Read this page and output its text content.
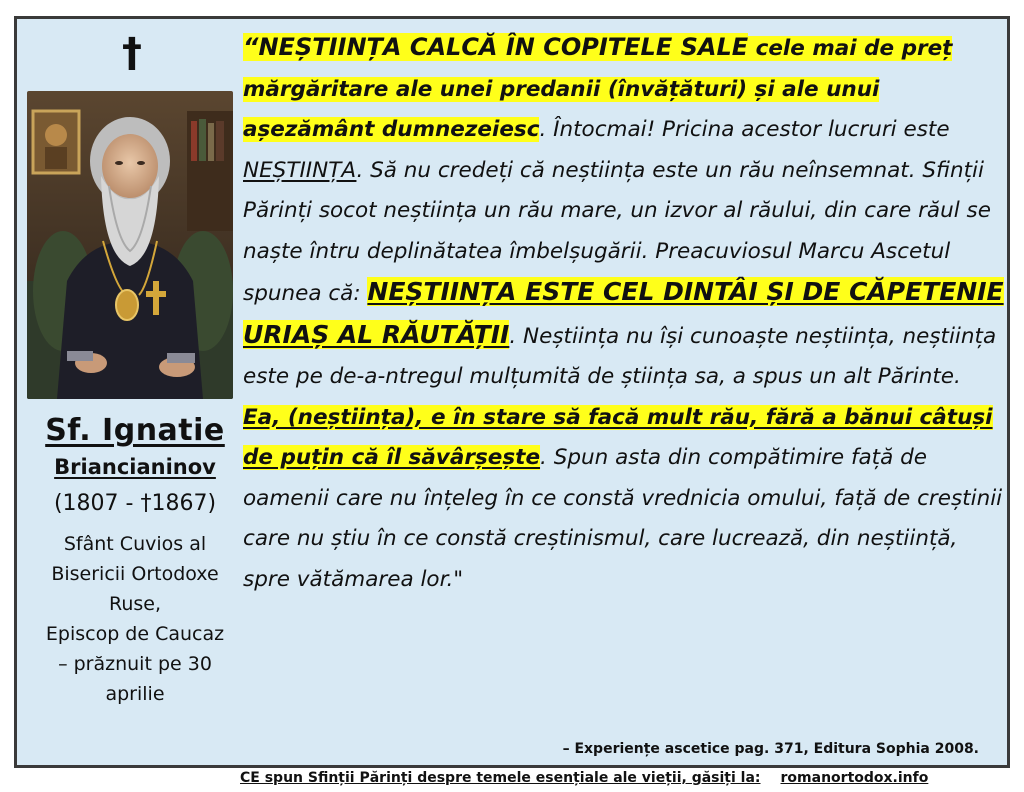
†
Sf. Ignatie
Briancianinov
(1807 - †1867)
Sfânt Cuvios al
Bisericii Ortodoxe
Ruse,
Episcop de Caucaz
– prăznuit pe 30
aprilie

“NEȘTIINȚA CALCĂ ÎN COPITELE SALE cele mai de preț mărgăritare ale unei predanii (învățături) și ale unui așezământ dumnezeiesc. Întocmai! Pricina acestor lucruri este NEȘTIINȚA. Să nu credeți că neștiința este un rău neînsemnat. Sfinții Părinți socot neștiința un rău mare, un izvor al răului, din care răul se naște întru deplinătatea îmbelșugării. Preacuviosul Marcu Ascetul spunea că: NEȘTIINȚA ESTE CEL DINTÂI ȘI DE CĂPETENIE URIAȘ AL RĂUTĂȚII. Neștiința nu își cunoaște neștiința, neștiința este pe de-a-ntregul mulțumită de știința sa, a spus un alt Părinte. Ea, (neștiința), e în stare să facă mult rău, fără a bănui câtuși de puțin că îl săvârșește. Spun asta din compătimire față de oamenii care nu înțeleg în ce constă vrednicia omului, față de creștinii care nu știu în ce constă creștinismul, care lucrează, din neștiință, spre vătămarea lor."

– Experiențe ascetice pag. 371, Editura Sophia 2008.
CE spun Sfinții Părinți despre temele esențiale ale vieții, găsiți la: romanortodox.info
